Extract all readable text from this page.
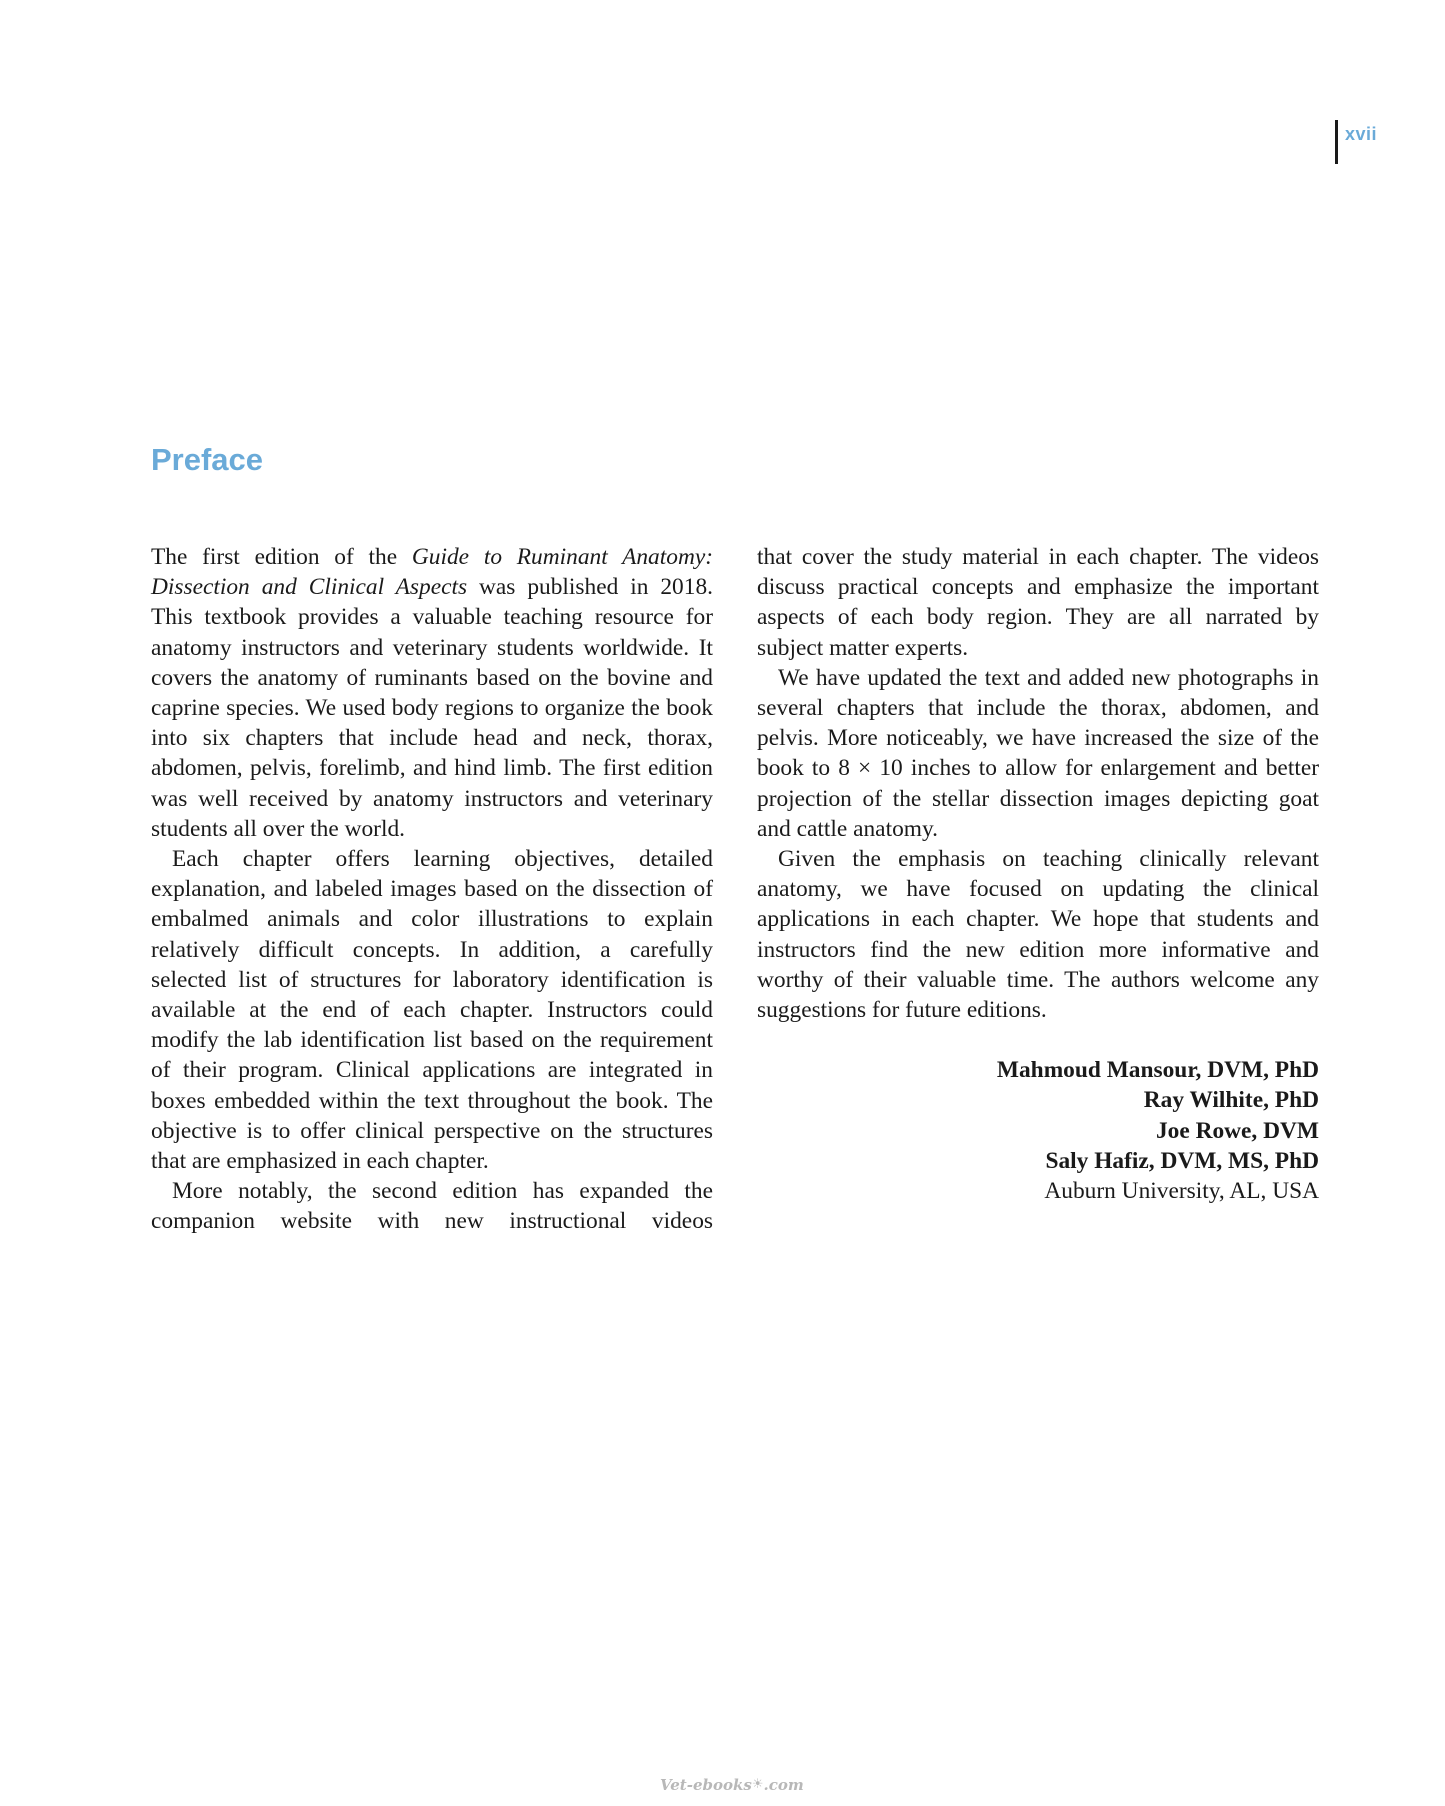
xvii
Preface

The first edition of the Guide to Ruminant Anatomy: Dissection and Clinical Aspects was published in 2018. This textbook provides a valuable teaching resource for anatomy instructors and veterinary students worldwide. It covers the anatomy of ruminants based on the bovine and caprine species. We used body regions to organize the book into six chapters that include head and neck, thorax, abdomen, pelvis, forelimb, and hind limb. The first edition was well received by anatomy instructors and veterinary students all over the world.

Each chapter offers learning objectives, detailed explanation, and labeled images based on the dissection of embalmed animals and color illustrations to explain relatively difficult concepts. In addition, a carefully selected list of structures for laboratory identification is available at the end of each chapter. Instructors could modify the lab identification list based on the requirement of their program. Clinical applications are integrated in boxes embedded within the text throughout the book. The objective is to offer clinical perspective on the structures that are emphasized in each chapter.

More notably, the second edition has expanded the companion website with new instructional videos

that cover the study material in each chapter. The videos discuss practical concepts and emphasize the important aspects of each body region. They are all narrated by subject matter experts.

We have updated the text and added new photographs in several chapters that include the thorax, abdomen, and pelvis. More noticeably, we have increased the size of the book to 8 × 10 inches to allow for enlargement and better projection of the stellar dissection images depicting goat and cattle anatomy.

Given the emphasis on teaching clinically relevant anatomy, we have focused on updating the clinical applications in each chapter. We hope that students and instructors find the new edition more informative and worthy of their valuable time. The authors welcome any suggestions for future editions.

Mahmoud Mansour, DVM, PhD
Ray Wilhite, PhD
Joe Rowe, DVM
Saly Hafiz, DVM, MS, PhD
Auburn University, AL, USA
Vet-ebooks☀.com
